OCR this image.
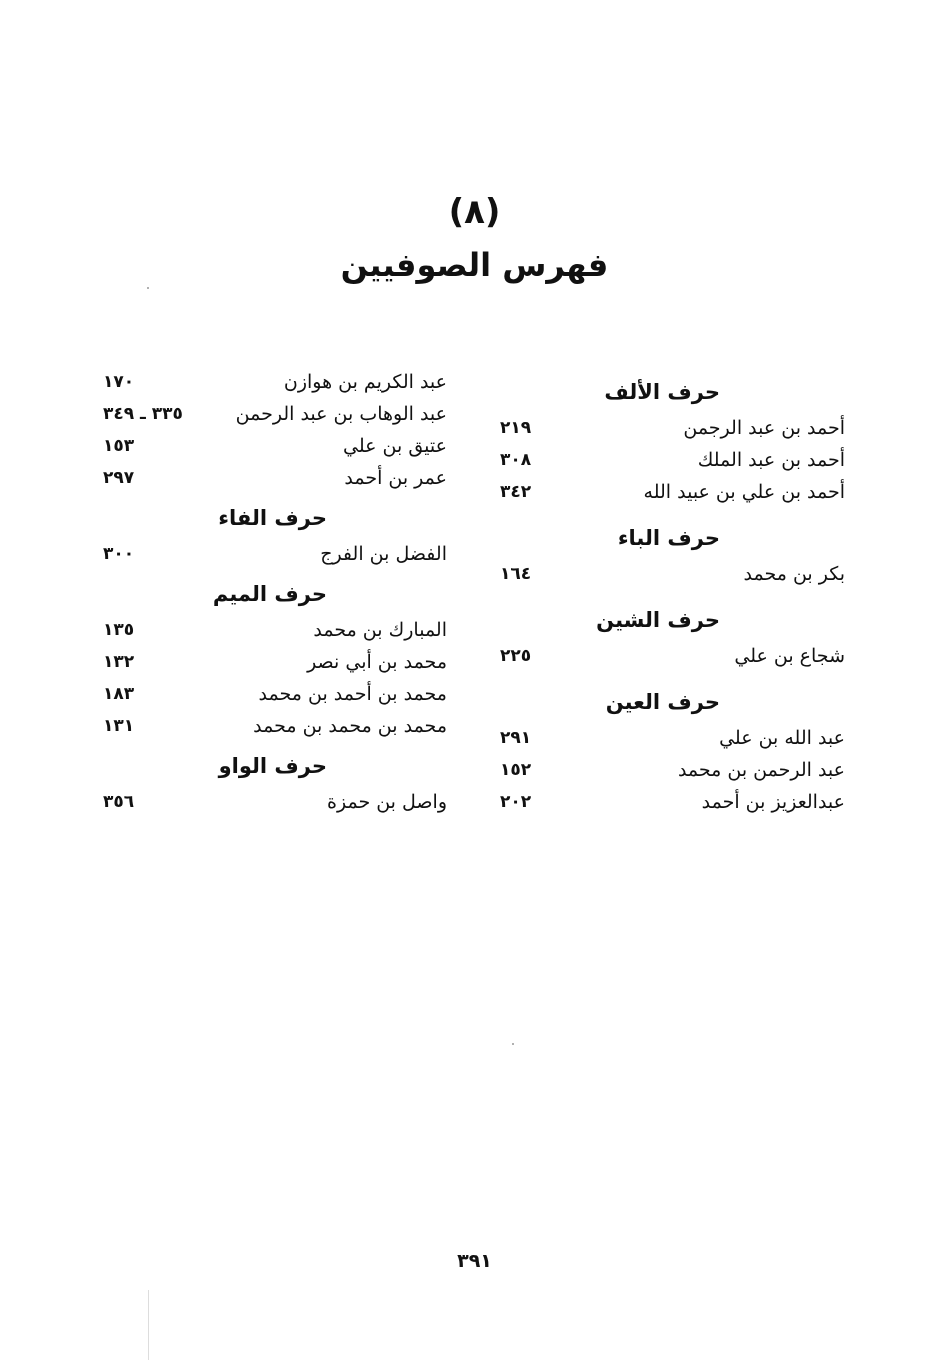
(٨)
فهرس الصوفيين
حرف الألف
أحمد بن عبد الرجمن
٢١٩
أحمد بن عبد الملك
٣٠٨
أحمد بن علي بن عبيد الله
٣٤٢
حرف الباء
بكر بن محمد
١٦٤
حرف الشين
شجاع بن علي
٢٢٥
حرف العين
عبد الله بن علي
٢٩١
عبد الرحمن بن محمد
١٥٢
عبدالعزيز بن أحمد
٢٠٢
عبد الكريم بن هوازن
١٧٠
عبد الوهاب بن عبد الرحمن
٣٣٥ ـ ٣٤٩
عتيق بن علي
١٥٣
عمر بن أحمد
٢٩٧
حرف الفاء
الفضل بن الفرج
٣٠٠
حرف الميم
المبارك بن محمد
١٣٥
محمد بن أبي نصر
١٣٢
محمد بن أحمد بن محمد
١٨٣
محمد بن محمد بن محمد
١٣١
حرف الواو
واصل بن حمزة
٣٥٦
٣٩١
